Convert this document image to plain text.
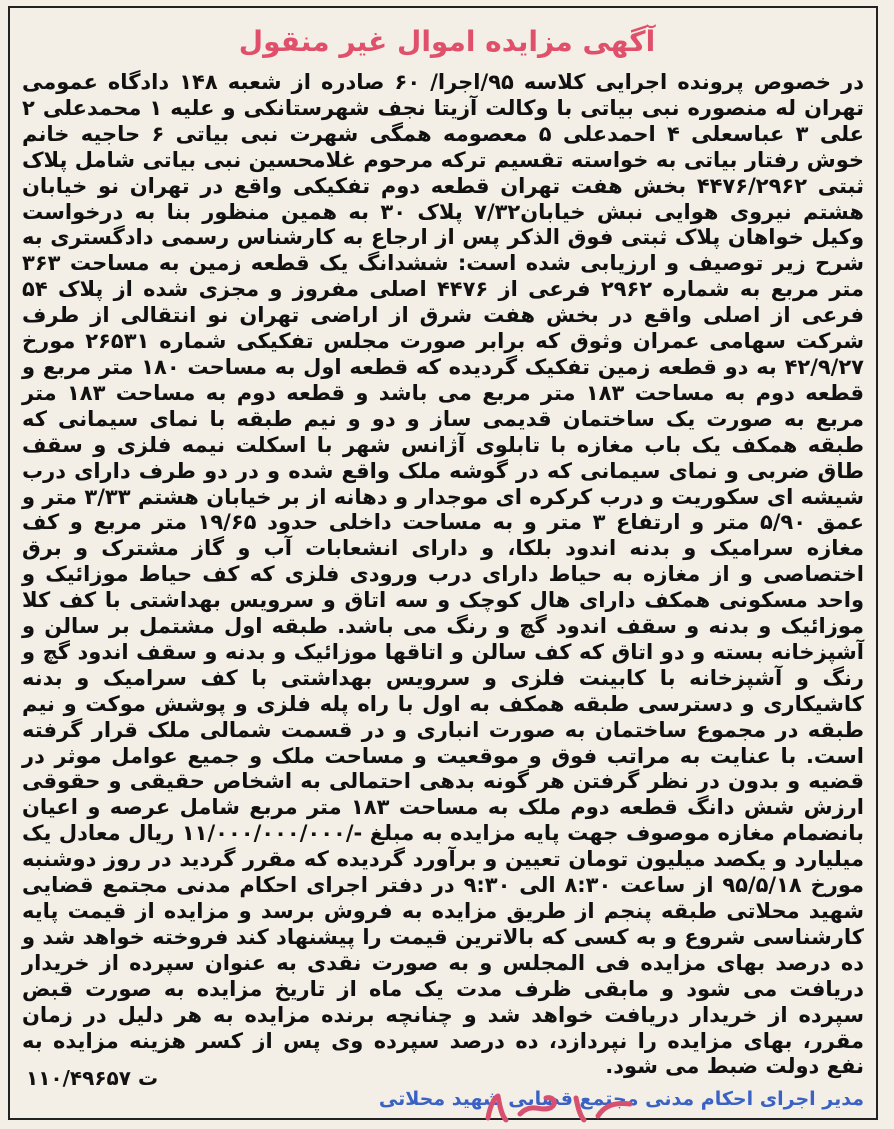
آگهی مزایده اموال غیر منقول
در خصوص پرونده اجرایی کلاسه ۹۵/اجرا/ ۶۰ صادره از شعبه ۱۴۸ دادگاه عمومی تهران له منصوره نبی بیاتی با وکالت آزیتا نجف شهرستانکی و علیه ۱ محمدعلی ۲ علی ۳ عباسعلی ۴ احمدعلی ۵ معصومه همگی شهرت نبی بیاتی ۶ حاجیه خانم خوش رفتار بیاتی به خواسته تقسیم ترکه مرحوم غلامحسین نبی بیاتی شامل پلاک ثبتی ۴۴۷۶/۲۹۶۲ بخش هفت تهران قطعه دوم تفکیکی واقع در تهران نو خیابان هشتم نیروی هوایی نبش خیابان۷/۳۲ پلاک ۳۰ به همین منظور بنا به درخواست وکیل خواهان پلاک ثبتی فوق الذکر پس از ارجاع به کارشناس رسمی دادگستری به شرح زیر توصیف و ارزیابی شده است: ششدانگ یک قطعه زمین به مساحت ۳۶۳ متر مربع به شماره ۲۹۶۲ فرعی از ۴۴۷۶ اصلی مفروز و مجزی شده از پلاک ۵۴ فرعی از اصلی واقع در بخش هفت شرق از اراضی تهران نو انتقالی از طرف شرکت سهامی عمران وثوق که برابر صورت مجلس تفکیکی شماره ۲۶۵۳۱ مورخ ۴۲/۹/۲۷ به دو قطعه زمین تفکیک گردیده که قطعه اول به مساحت ۱۸۰ متر مربع و قطعه دوم به مساحت ۱۸۳ متر مربع می باشد و قطعه دوم به مساحت ۱۸۳ متر مربع به صورت یک ساختمان قدیمی ساز و دو و نیم طبقه با نمای سیمانی که طبقه همکف یک باب مغازه با تابلوی آژانس شهر با اسکلت نیمه فلزی و سقف طاق ضربی و نمای سیمانی که در گوشه ملک واقع شده و در دو طرف دارای درب شیشه ای سکوریت و درب کرکره ای موجدار و دهانه از بر خیابان هشتم ۳/۳۳ متر و عمق ۵/۹۰ متر و ارتفاع ۳ متر و به مساحت داخلی حدود ۱۹/۶۵ متر مربع و کف مغازه سرامیک و بدنه اندود بلکا، و دارای انشعابات آب و گاز مشترک و برق اختصاصی و از مغازه به حیاط دارای درب ورودی فلزی که کف حیاط موزائیک و واحد مسکونی همکف دارای هال کوچک و سه اتاق و سرویس بهداشتی با کف کلا موزائیک و بدنه و سقف اندود گچ و رنگ می باشد. طبقه اول مشتمل بر سالن و آشپزخانه بسته و دو اتاق که کف سالن و اتاقها موزائیک و بدنه و سقف اندود گچ و رنگ و آشپزخانه با کابینت فلزی و سرویس بهداشتی با کف سرامیک و بدنه کاشیکاری و دسترسی طبقه همکف به اول با راه پله فلزی و پوشش موکت و نیم طبقه در مجموع ساختمان به صورت انباری و در قسمت شمالی ملک قرار گرفته است. با عنایت به مراتب فوق و موقعیت و مساحت ملک و جمیع عوامل موثر در قضیه و بدون در نظر گرفتن هر گونه بدهی احتمالی به اشخاص حقیقی و حقوقی ارزش شش دانگ قطعه دوم ملک به مساحت ۱۸۳ متر مربع شامل عرصه و اعیان بانضمام مغازه موصوف جهت پایه مزایده به مبلغ -/۱۱/۰۰۰/۰۰۰/۰۰۰ ریال معادل یک میلیارد و یکصد میلیون تومان تعیین و برآورد گردیده که مقرر گردید در روز دوشنبه مورخ ۹۵/۵/۱۸ از ساعت ۸:۳۰ الی ۹:۳۰ در دفتر اجرای احکام مدنی مجتمع قضایی شهید محلاتی طبقه پنجم از طریق مزایده به فروش برسد و مزایده از قیمت پایه کارشناسی شروع و به کسی که بالاترین قیمت را پیشنهاد کند فروخته خواهد شد و ده درصد بهای مزایده فی المجلس و به صورت نقدی به عنوان سپرده از خریدار دریافت می شود و مابقی ظرف مدت یک ماه از تاریخ مزایده به صورت قبض سپرده از خریدار دریافت خواهد شد و چنانچه برنده مزایده به هر دلیل در زمان مقرر، بهای مزایده را نپردازد، ده درصد سپرده وی پس از کسر هزینه مزایده به نفع دولت ضبط می شود.
۱۱۰/۴۹۶۵۷ ت
مدیر اجرای احکام مدنی مجتمع قضایی شهید محلاتی
